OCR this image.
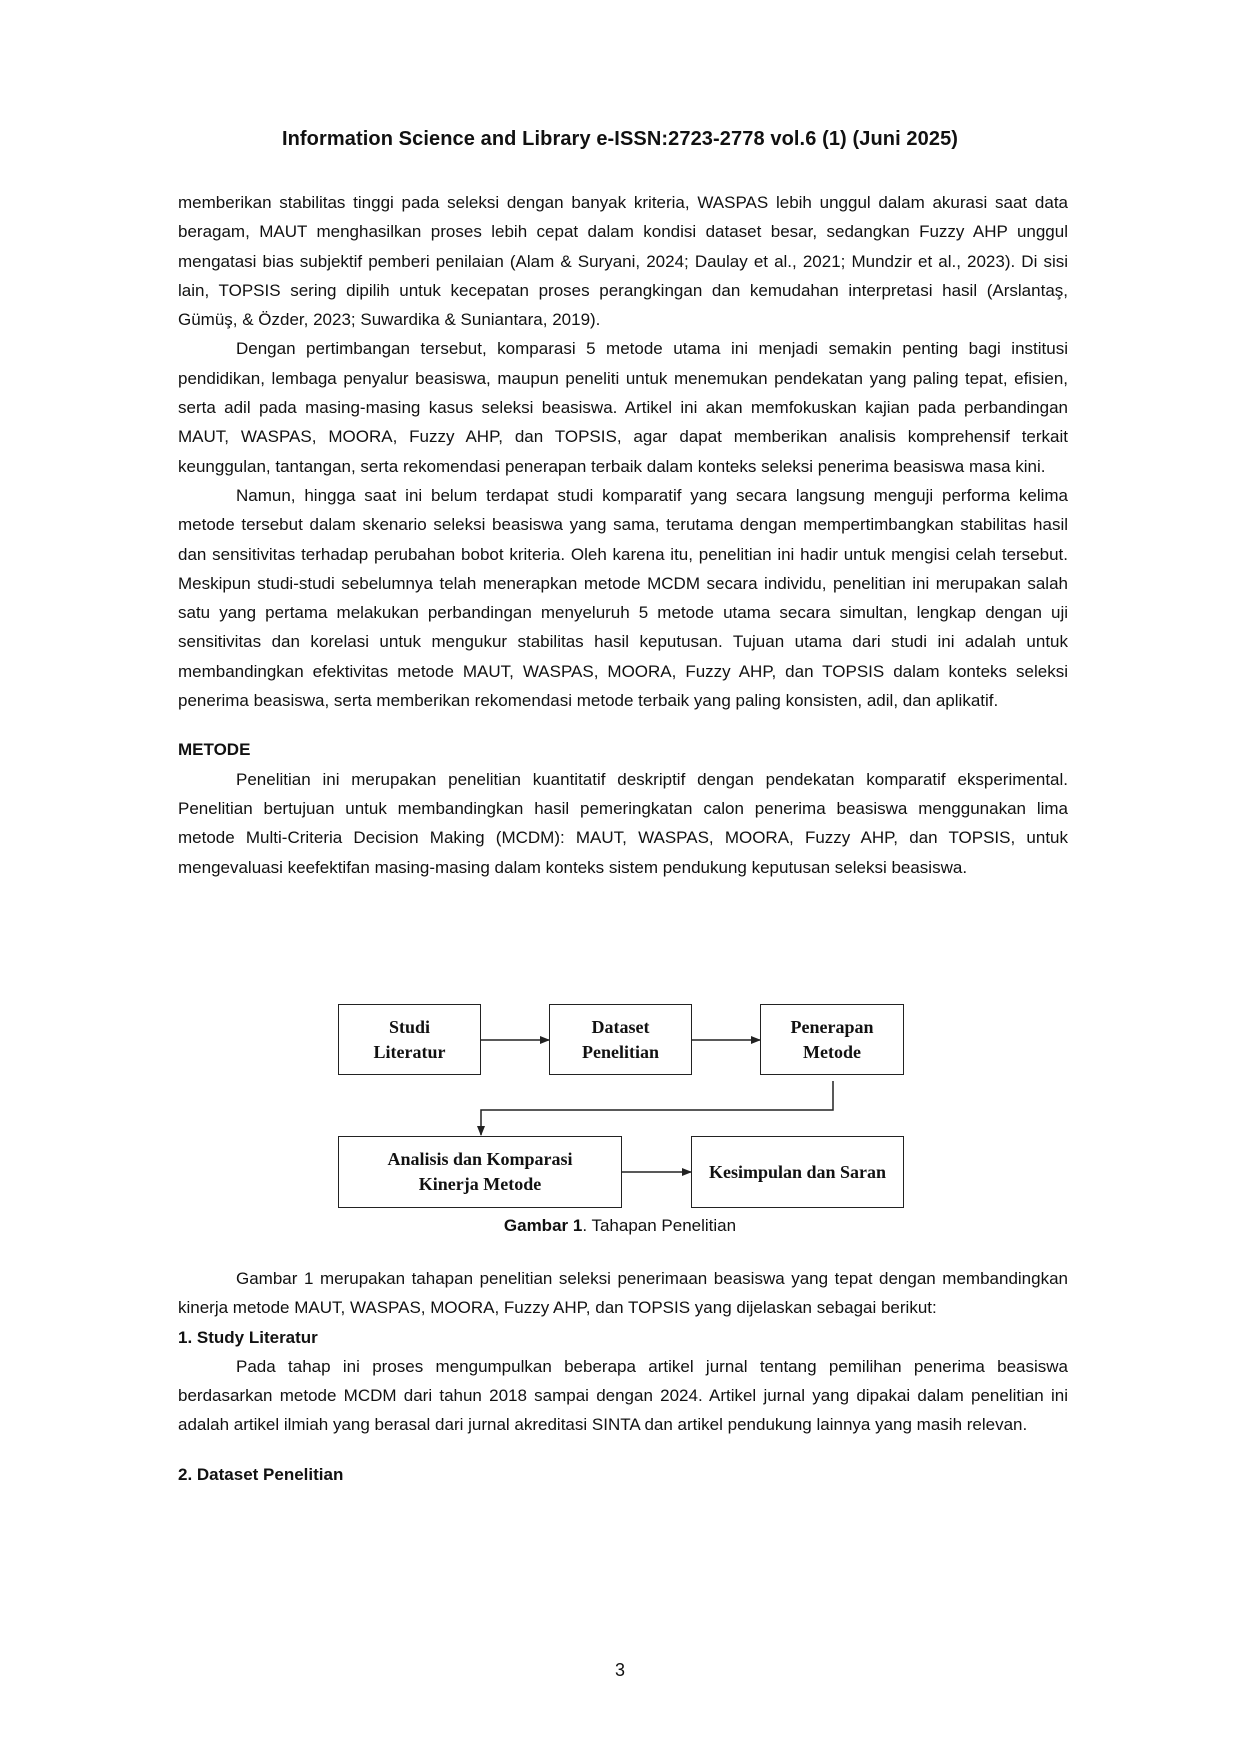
Information Science and Library e-ISSN:2723-2778 vol.6 (1) (Juni 2025)

memberikan stabilitas tinggi pada seleksi dengan banyak kriteria, WASPAS lebih unggul dalam akurasi saat data beragam, MAUT menghasilkan proses lebih cepat dalam kondisi dataset besar, sedangkan Fuzzy AHP unggul mengatasi bias subjektif pemberi penilaian (Alam & Suryani, 2024; Daulay et al., 2021; Mundzir et al., 2023). Di sisi lain, TOPSIS sering dipilih untuk kecepatan proses perangkingan dan kemudahan interpretasi hasil (Arslantaş, Gümüş, & Özder, 2023; Suwardika & Suniantara, 2019).

Dengan pertimbangan tersebut, komparasi 5 metode utama ini menjadi semakin penting bagi institusi pendidikan, lembaga penyalur beasiswa, maupun peneliti untuk menemukan pendekatan yang paling tepat, efisien, serta adil pada masing-masing kasus seleksi beasiswa. Artikel ini akan memfokuskan kajian pada perbandingan MAUT, WASPAS, MOORA, Fuzzy AHP, dan TOPSIS, agar dapat memberikan analisis komprehensif terkait keunggulan, tantangan, serta rekomendasi penerapan terbaik dalam konteks seleksi penerima beasiswa masa kini.

Namun, hingga saat ini belum terdapat studi komparatif yang secara langsung menguji performa kelima metode tersebut dalam skenario seleksi beasiswa yang sama, terutama dengan mempertimbangkan stabilitas hasil dan sensitivitas terhadap perubahan bobot kriteria. Oleh karena itu, penelitian ini hadir untuk mengisi celah tersebut. Meskipun studi-studi sebelumnya telah menerapkan metode MCDM secara individu, penelitian ini merupakan salah satu yang pertama melakukan perbandingan menyeluruh 5 metode utama secara simultan, lengkap dengan uji sensitivitas dan korelasi untuk mengukur stabilitas hasil keputusan. Tujuan utama dari studi ini adalah untuk membandingkan efektivitas metode MAUT, WASPAS, MOORA, Fuzzy AHP, dan TOPSIS dalam konteks seleksi penerima beasiswa, serta memberikan rekomendasi metode terbaik yang paling konsisten, adil, dan aplikatif.

METODE

Penelitian ini merupakan penelitian kuantitatif deskriptif dengan pendekatan komparatif eksperimental. Penelitian bertujuan untuk membandingkan hasil pemeringkatan calon penerima beasiswa menggunakan lima metode Multi-Criteria Decision Making (MCDM): MAUT, WASPAS, MOORA, Fuzzy AHP, dan TOPSIS, untuk mengevaluasi keefektifan masing-masing dalam konteks sistem pendukung keputusan seleksi beasiswa.

Studi
Literatur
Dataset
Penelitian
Penerapan
Metode
Analisis dan Komparasi
Kinerja Metode
Kesimpulan dan Saran
Gambar 1. Tahapan Penelitian

Gambar 1 merupakan tahapan penelitian seleksi penerimaan beasiswa yang tepat dengan membandingkan kinerja metode MAUT, WASPAS, MOORA, Fuzzy AHP, dan TOPSIS yang dijelaskan sebagai berikut:

1. Study Literatur

Pada tahap ini proses mengumpulkan beberapa artikel jurnal tentang pemilihan penerima beasiswa berdasarkan metode MCDM dari tahun 2018 sampai dengan 2024. Artikel jurnal yang dipakai dalam penelitian ini adalah artikel ilmiah yang berasal dari jurnal akreditasi SINTA dan artikel pendukung lainnya yang masih relevan.

2. Dataset Penelitian

3
